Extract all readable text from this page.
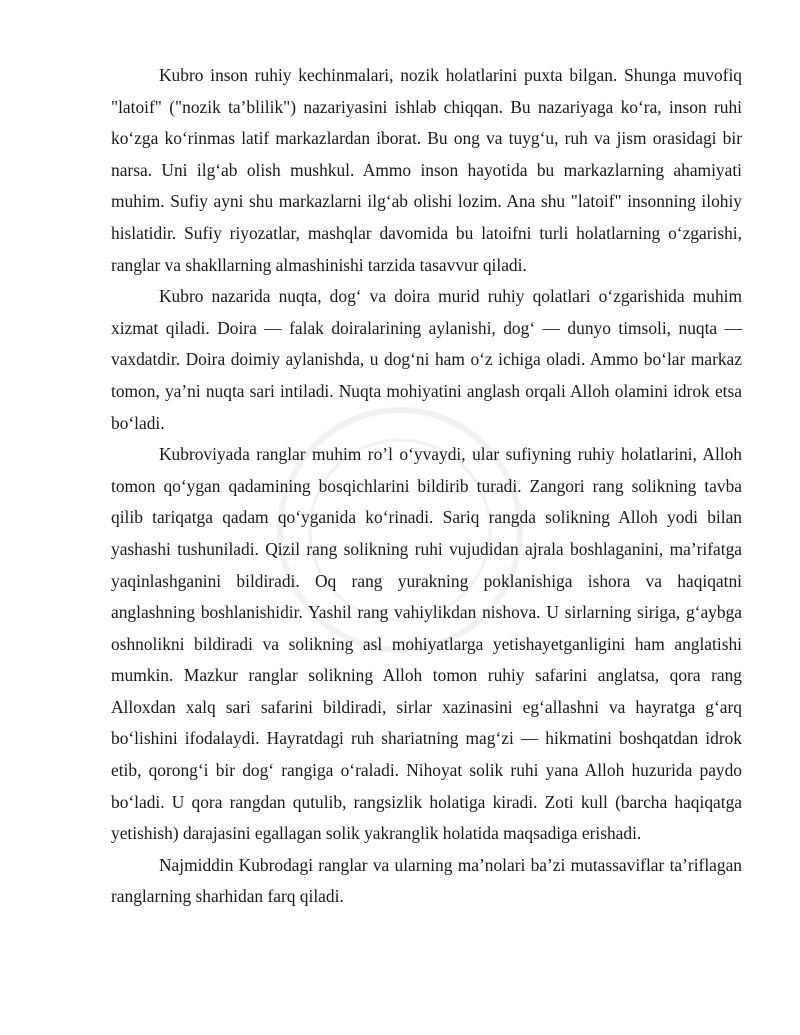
Kubro inson ruhiy kechinmalari, nozik holatlarini puxta bilgan. Shunga muvofiq "latoif" ("nozik ta’blilik") nazariyasini ishlab chiqqan. Bu nazariyaga ko‘ra, inson ruhi ko‘zga ko‘rinmas latif markazlardan iborat. Bu ong va tuyg‘u, ruh va jism orasidagi bir narsa. Uni ilg‘ab olish mushkul. Ammo inson hayotida bu markazlarning ahamiyati muhim. Sufiy ayni shu markazlarni ilg‘ab olishi lozim. Ana shu "latoif" insonning ilohiy hislatidir. Sufiy riyozatlar, mashqlar davomida bu latoifni turli holatlarning o‘zgarishi, ranglar va shakllarning almashinishi tarzida tasavvur qiladi.

Kubro nazarida nuqta, dog‘ va doira murid ruhiy qolatlari o‘zgarishida muhim xizmat qiladi. Doira — falak doiralarining aylanishi, dog‘ — dunyo timsoli, nuqta — vaxdatdir. Doira doimiy aylanishda, u dog‘ni ham o‘z ichiga oladi. Ammo bo‘lar markaz tomon, ya’ni nuqta sari intiladi. Nuqta mohiyatini anglash orqali Alloh olamini idrok etsa bo‘ladi.

Kubroviyada ranglar muhim ro’l o‘yvaydi, ular sufiyning ruhiy holatlarini, Alloh tomon qo‘ygan qadamining bosqichlarini bildirib turadi. Zangori rang solikning tavba qilib tariqatga qadam qo‘yganida ko‘rinadi. Sariq rangda solikning Alloh yodi bilan yashashi tushuniladi. Qizil rang solikning ruhi vujudidan ajrala boshlaganini, ma’rifatga yaqinlashganini bildiradi. Oq rang yurakning poklanishiga ishora va haqiqatni anglashning boshlanishidir. Yashil rang vahiylikdan nishova. U sirlarning siriga, g‘aybga oshnolikni bildiradi va solikning asl mohiyatlarga yetishayetganligini ham anglatishi mumkin. Mazkur ranglar solikning Alloh tomon ruhiy safarini anglatsa, qora rang Alloxdan xalq sari safarini bildiradi, sirlar xazinasini eg‘allashni va hayratga g‘arq bo‘lishini ifodalaydi. Hayratdagi ruh shariatning mag‘zi — hikmatini boshqatdan idrok etib, qorong‘i bir dog‘ rangiga o‘raladi. Nihoyat solik ruhi yana Alloh huzurida paydo bo‘ladi. U qora rangdan qutulib, rangsizlik holatiga kiradi. Zoti kull (barcha haqiqatga yetishish) darajasini egallagan solik yakranglik holatida maqsadiga erishadi.

Najmiddin Kubrodagi ranglar va ularning ma’nolari ba’zi mutassaviflar ta’riflagan ranglarning sharhidan farq qiladi.
